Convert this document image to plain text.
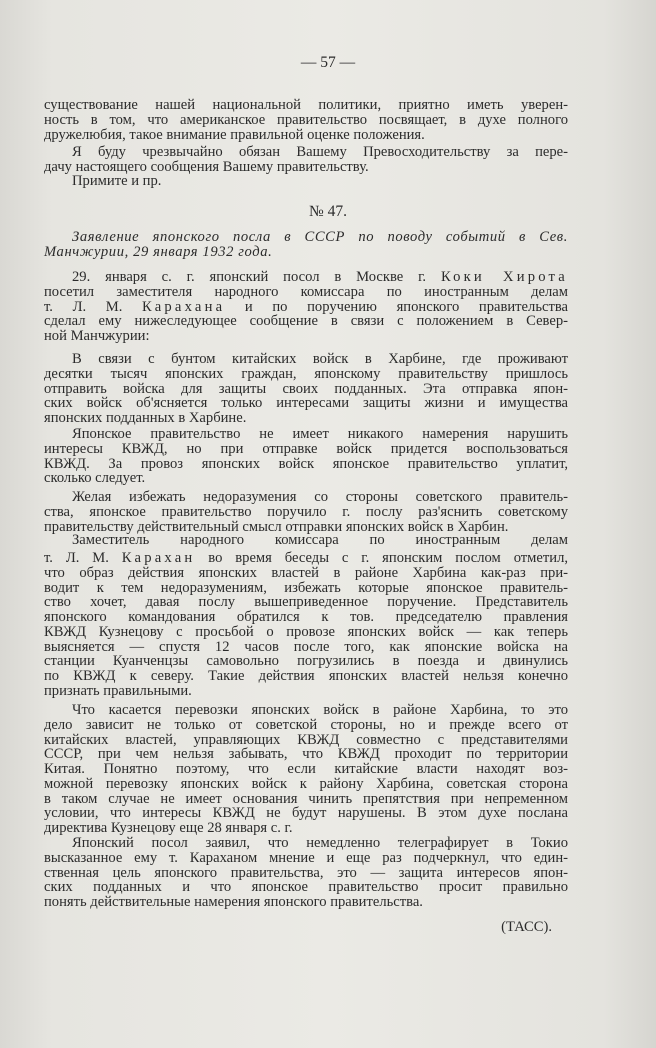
— 57 —
№ 47.
Заявление японского посла в СССР по поводу событий в Сев.
Манчжурии, 29 января 1932 года.
существование нашей национальной политики, приятно иметь уверен-
ность в том, что американское правительство посвящает, в духе полного
дружелюбия, такое внимание правильной оценке положения.
Я буду чрезвычайно обязан Вашему Превосходительству за пере-
дачу настоящего сообщения Вашему правительству.
Примите и пр.
29. января с. г. японский посол в Москве г. Коки Хирота
посетил заместителя народного комиссара по иностранным делам
т. Л. М. Карахана и по поручению японского правительства
сделал ему нижеследующее сообщение в связи с положением в Север-
ной Манчжурии:
В связи с бунтом китайских войск в Харбине, где проживают
десятки тысяч японских граждан, японскому правительству пришлось
отправить войска для защиты своих подданных. Эта отправка япон-
ских войск об'ясняется только интересами защиты жизни и имущества
японских подданных в Харбине.
Японское правительство не имеет никакого намерения нарушить
интересы КВЖД, но при отправке войск придется воспользоваться
КВЖД. За провоз японских войск японское правительство уплатит,
сколько следует.
Желая избежать недоразумения со стороны советского правитель-
ства, японское правительство поручило г. послу раз'яснить советскому
правительству действительный смысл отправки японских войск в Харбин.
Заместитель народного комиссара по иностранным делам
т. Л. М. Карахан во время беседы с г. японским послом отметил,
что образ действия японских властей в районе Харбина как-раз при-
водит к тем недоразумениям, избежать которые японское правитель-
ство хочет, давая послу вышеприведенное поручение. Представитель
японского командования обратился к тов. председателю правления
КВЖД Кузнецову с просьбой о провозе японских войск — как теперь
выясняется — спустя 12 часов после того, как японские войска на
станции Куанченцзы самовольно погрузились в поезда и двинулись
по КВЖД к северу. Такие действия японских властей нельзя конечно
признать правильными.
Что касается перевозки японских войск в районе Харбина, то это
дело зависит не только от советской стороны, но и прежде всего от
китайских властей, управляющих КВЖД совместно с представителями
СССР, при чем нельзя забывать, что КВЖД проходит по территории
Китая. Понятно поэтому, что если китайские власти находят воз-
можной перевозку японских войск к району Харбина, советская сторона
в таком случае не имеет основания чинить препятствия при непременном
условии, что интересы КВЖД не будут нарушены. В этом духе послана
директива Кузнецову еще 28 января с. г.
Японский посол заявил, что немедленно телеграфирует в Токио
высказанное ему т. Караханом мнение и еще раз подчеркнул, что един-
ственная цель японского правительства, это — защита интересов япон-
ских подданных и что японское правительство просит правильно
понять действительные намерения японского правительства.
(ТАСС).
